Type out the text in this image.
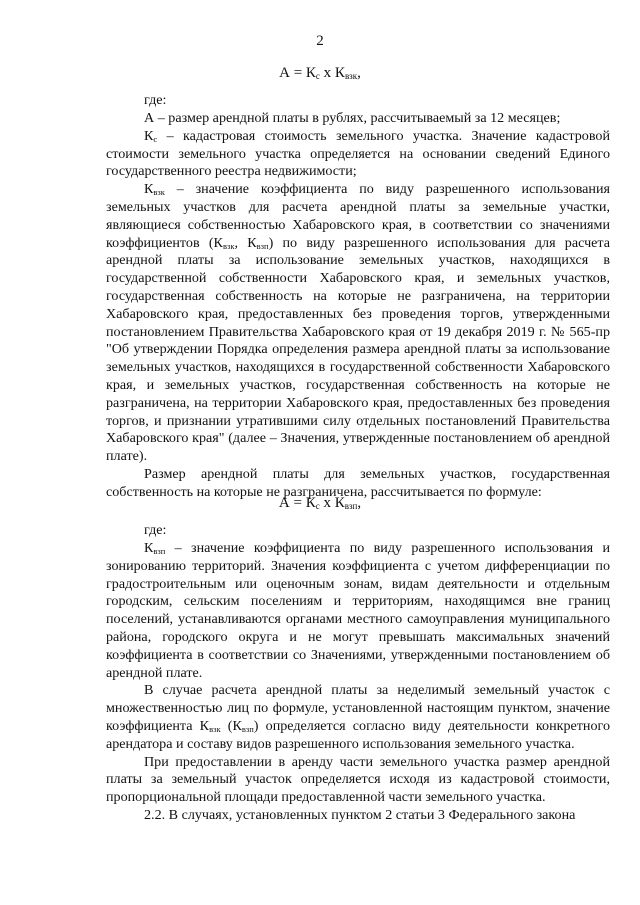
2
$А = К_с$ х $К_{взк}$,
где:

А – размер арендной платы в рублях, рассчитываемый за 12 месяцев;

$К_с$ – кадастровая стоимость земельного участка. Значение кадастровой стоимости земельного участка определяется на основании сведений Единого государственного реестра недвижимости;

$К_{взк}$ – значение коэффициента по виду разрешенного использования земельных участков для расчета арендной платы за земельные участки, являющиеся собственностью Хабаровского края, в соответствии со значениями коэффициентов ($К_{взк}$, $К_{взп}$) по виду разрешенного использования для расчета арендной платы за использование земельных участков, находящихся в государственной собственности Хабаровского края, и земельных участков, государственная собственность на которые не разграничена, на территории Хабаровского края, предоставленных без проведения торгов, утвержденными постановлением Правительства Хабаровского края от 19 декабря 2019 г. № 565-пр "Об утверждении Порядка определения размера арендной платы за использование земельных участков, находящихся в государственной собственности Хабаровского края, и земельных участков, государственная собственность на которые не разграничена, на территории Хабаровского края, предоставленных без проведения торгов, и признании утратившими силу отдельных постановлений Правительства Хабаровского края" (далее – Значения, утвержденные постановлением об арендной плате).

Размер арендной платы для земельных участков, государственная собственность на которые не разграничена, рассчитывается по формуле:

$А = К_с$ х $К_{взп}$,
где:

$К_{взп}$ – значение коэффициента по виду разрешенного использования и зонированию территорий. Значения коэффициента с учетом дифференциации по градостроительным или оценочным зонам, видам деятельности и отдельным городским, сельским поселениям и территориям, находящимся вне границ поселений, устанавливаются органами местного самоуправления муниципального района, городского округа и не могут превышать максимальных значений коэффициента в соответствии со Значениями, утвержденными постановлением об арендной плате.

В случае расчета арендной платы за неделимый земельный участок с множественностью лиц по формуле, установленной настоящим пунктом, значение коэффициента $К_{взк}$ $(К_{взп})$ определяется согласно виду деятельности конкретного арендатора и составу видов разрешенного использования земельного участка.

При предоставлении в аренду части земельного участка размер арендной платы за земельный участок определяется исходя из кадастровой стоимости, пропорциональной площади предоставленной части земельного участка.

2.2. В случаях, установленных пунктом 2 статьи 3 Федерального закона
